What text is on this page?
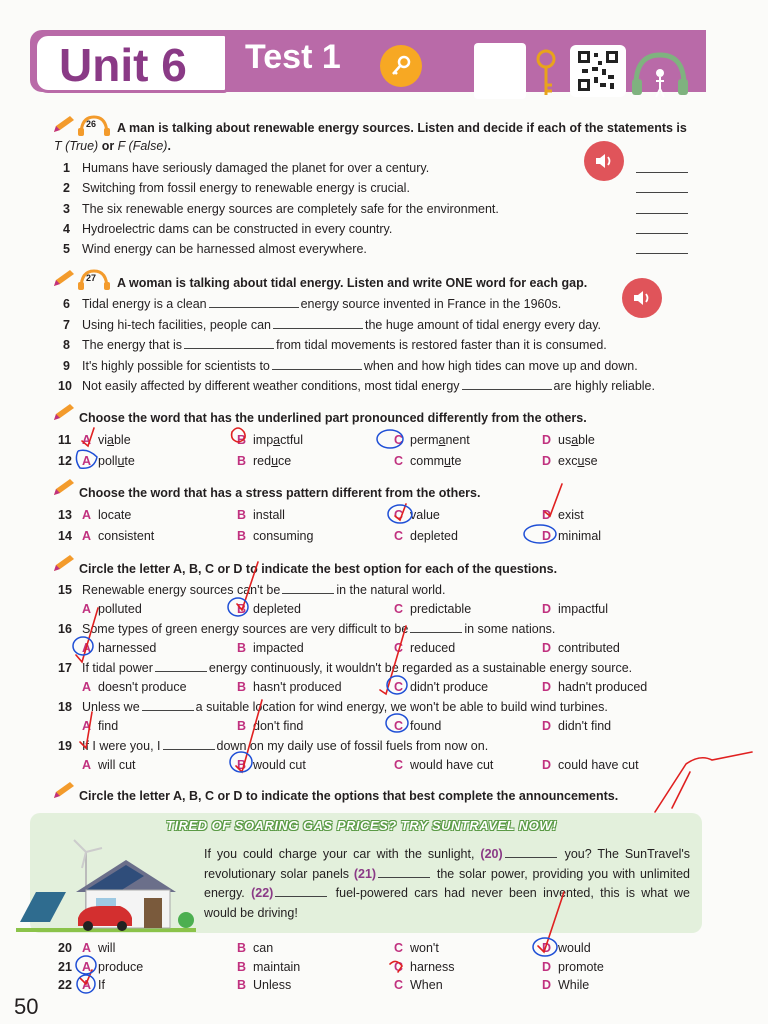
Unit 6 Test 1
26 A man is talking about renewable energy sources. Listen and decide if each of the statements is
T (True) or F (False).
1 Humans have seriously damaged the planet for over a century.
2 Switching from fossil energy to renewable energy is crucial.
3 The six renewable energy sources are completely safe for the environment.
4 Hydroelectric dams can be constructed in every country.
5 Wind energy can be harnessed almost everywhere.
27 A woman is talking about tidal energy. Listen and write ONE word for each gap.
6 Tidal energy is a clean	energy source invented in France in the 1960s.
7 Using hi-tech facilities, people can	the huge amount of tidal energy every day.
8 The energy that is	from tidal movements is restored faster than it is consumed.
9 It's highly possible for scientists to	when and how high tides can move up and down.
10 Not easily affected by different weather conditions, most tidal energy	are highly reliable.
Choose the word that has the underlined part pronounced differently from the others.
11 A viable	B impactful	C permanent	D usable
12 A pollute	B reduce	C commute	D excuse
Choose the word that has a stress pattern different from the others.
13 A locate	B install	C value	D exist
14 A consistent	B consuming	C depleted	D minimal
Circle the letter A, B, C or D to indicate the best option for each of the questions.
15 Renewable energy sources can't be	in the natural world.
A polluted	B depleted	C predictable	D impactful
16 Some types of green energy sources are very difficult to be	in some nations.
A harnessed	B impacted	C reduced	D contributed
17 If tidal power	energy continuously, it wouldn't be regarded as a sustainable energy source.
A doesn't produce	B hasn't produced	C didn't produce	D hadn't produced
18 Unless we	a suitable location for wind energy, we won't be able to build wind turbines.
A find	B don't find	C found	D didn't find
19 If I were you, I	down on my daily use of fossil fuels from now on.
A will cut	B would cut	C would have cut	D could have cut
Circle the letter A, B, C or D to indicate the options that best complete the announcements.
TIRED OF SOARING GAS PRICES? TRY SUNTRAVEL NOW!
If you could charge your car with the sunlight, (20)	you? The SunTravel's revolutionary solar panels (21)	the solar power, providing you with unlimited energy. (22)	fuel-powered cars had never been invented, this is what we would be driving!
20 A will	B can	C won't	D would
21 A produce	B maintain	C harness	D promote
22 A If	B Unless	C When	D While
50
